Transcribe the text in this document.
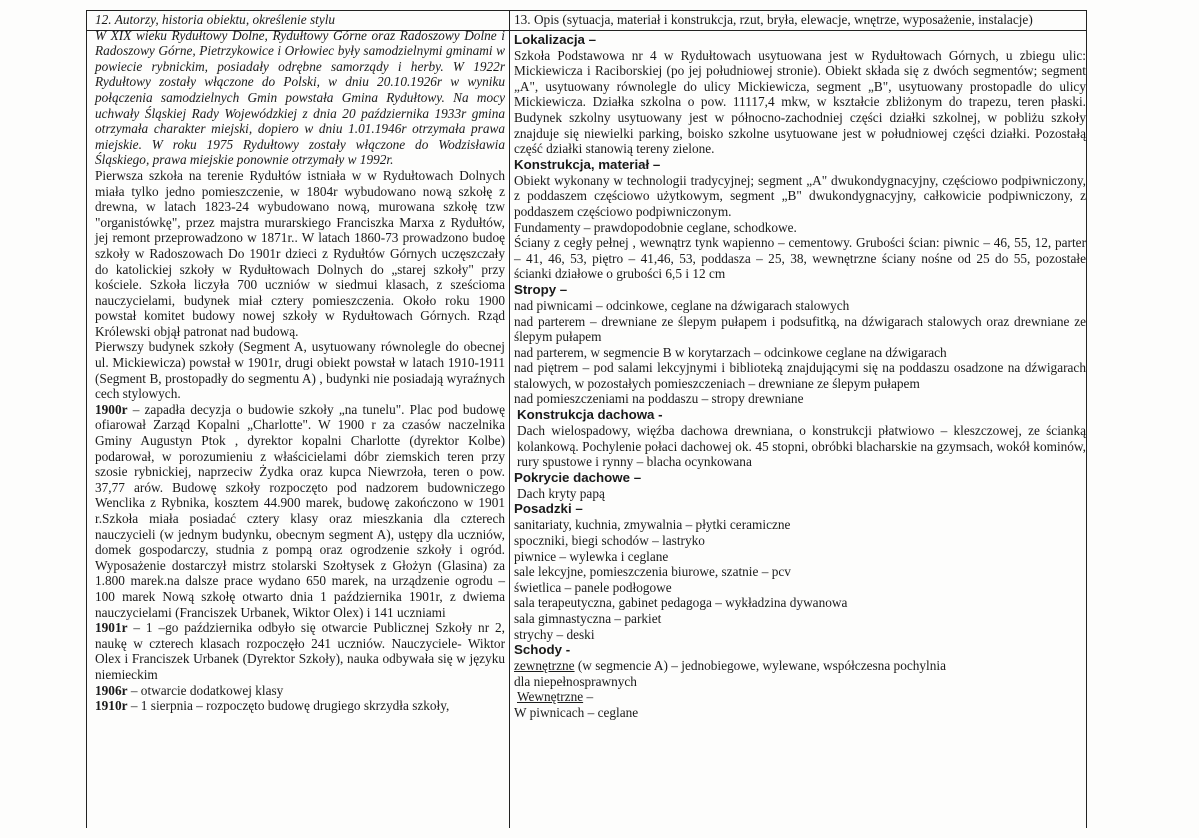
12. Autorzy, historia obiektu, określenie stylu

W XIX wieku Rydułtowy Dolne, Rydułtowy Górne oraz Radoszowy Dolne i Radoszowy Górne, Pietrzykowice i Orłowiec były samodzielnymi gminami w powiecie rybnickim, posiadały odrębne samorządy i herby. W 1922r Rydułtowy zostały włączone do Polski, w dniu 20.10.1926r w wyniku połączenia samodzielnych Gmin powstała Gmina Rydułtowy. Na mocy uchwały Śląskiej Rady Wojewódzkiej z dnia 20 października 1933r gmina otrzymała charakter miejski, dopiero w dniu 1.01.1946r otrzymała prawa miejskie. W roku 1975 Rydułtowy zostały włączone do Wodzisławia Śląskiego, prawa miejskie ponownie otrzymały w 1992r.

Pierwsza szkoła na terenie Rydułtów istniała w w Rydułtowach Dolnych miała tylko jedno pomieszczenie, w 1804r wybudowano nową szkołę z drewna, w latach 1823-24 wybudowano nową, murowana szkołę tzw "organistówkę", przez majstra murarskiego Franciszka Marxa z Rydułtów, jej remont przeprowadzono w 1871r.. W latach 1860-73 prowadzono budoę szkoły w Radoszowach Do 1901r dzieci z Rydułtów Górnych uczęszczały do katolickiej szkoły w Rydułtowach Dolnych do „starej szkoły" przy kościele. Szkoła liczyła 700 uczniów w siedmui klasach, z sześcioma nauczycielami, budynek miał cztery pomieszczenia. Około roku 1900 powstał komitet budowy nowej szkoły w Rydułtowach Górnych. Rząd Królewski objął patronat nad budową.

Pierwszy budynek szkoły (Segment A, usytuowany równolegle do obecnej ul. Mickiewicza) powstał w 1901r, drugi obiekt powstał w latach 1910-1911 (Segment B, prostopadły do segmentu A) , budynki nie posiadają wyraźnych cech stylowych.

1900r – zapadła decyzja o budowie szkoły „na tunelu". Plac pod budowę ofiarował Zarząd Kopalni „Charlotte". W 1900 r za czasów naczelnika Gminy Augustyn Ptok , dyrektor kopalni Charlotte (dyrektor Kolbe) podarował, w porozumieniu z właścicielami dóbr ziemskich teren przy szosie rybnickiej, naprzeciw Żydka oraz kupca Niewrzoła, teren o pow. 37,77 arów. Budowę szkoły rozpoczęto pod nadzorem budowniczego Wenclika z Rybnika, kosztem 44.900 marek, budowę zakończono w 1901 r.Szkoła miała posiadać cztery klasy oraz mieszkania dla czterech nauczycieli (w jednym budynku, obecnym segment A), ustępy dla uczniów, domek gospodarczy, studnia z pompą oraz ogrodzenie szkoły i ogród. Wyposażenie dostarczył mistrz stolarski Szołtysek z Głożyn (Glasina) za 1.800 marek.na dalsze prace wydano 650 marek, na urządzenie ogrodu – 100 marek Nową szkołę otwarto dnia 1 października 1901r, z dwiema nauczycielami (Franciszek Urbanek, Wiktor Olex) i 141 uczniami

1901r – 1 –go października odbyło się otwarcie Publicznej Szkoły nr 2, naukę w czterech klasach rozpoczęło 241 uczniów. Nauczyciele- Wiktor Olex i Franciszek Urbanek (Dyrektor Szkoły), nauka odbywała się w języku niemieckim

1906r – otwarcie dodatkowej klasy

1910r – 1 sierpnia – rozpoczęto budowę drugiego skrzydła szkoły,

13. Opis (sytuacja, materiał i konstrukcja, rzut, bryła, elewacje, wnętrze, wyposażenie, instalacje)
Lokalizacja –

Szkoła Podstawowa nr 4 w Rydułtowach usytuowana jest w Rydułtowach Górnych, u zbiegu ulic: Mickiewicza i Raciborskiej (po jej południowej stronie). Obiekt składa się z dwóch segmentów; segment „A", usytuowany równolegle do ulicy Mickiewicza, segment „B", usytuowany prostopadle do ulicy Mickiewicza. Działka szkolna o pow. 11117,4 mkw, w kształcie zbliżonym do trapezu, teren płaski. Budynek szkolny usytuowany jest w północno-zachodniej części działki szkolnej, w pobliżu szkoły znajduje się niewielki parking, boisko szkolne usytuowane jest w południowej części działki. Pozostałą część działki stanowią tereny zielone.

Konstrukcja, materiał –

Obiekt wykonany w technologii tradycyjnej; segment „A" dwukondygnacyjny, częściowo podpiwniczony, z poddaszem częściowo użytkowym, segment „B" dwukondygnacyjny, całkowicie podpiwniczony, z poddaszem częściowo podpiwniczonym.

Fundamenty – prawdopodobnie ceglane, schodkowe.

Ściany z cegły pełnej , wewnątrz tynk wapienno – cementowy. Grubości ścian: piwnic – 46, 55, 12, parter – 41, 46, 53, piętro – 41,46, 53, poddasza – 25, 38, wewnętrzne ściany nośne od 25 do 55, pozostałe ścianki działowe o grubości 6,5 i 12 cm

Stropy –

nad piwnicami – odcinkowe, ceglane na dźwigarach stalowych

nad parterem – drewniane ze ślepym pułapem i podsufitką, na dźwigarach stalowych oraz drewniane ze ślepym pułapem

nad parterem, w segmencie B w korytarzach – odcinkowe ceglane na dźwigarach

nad piętrem – pod salami lekcyjnymi i biblioteką znajdującymi się na poddaszu osadzone na dźwigarach stalowych, w pozostałych pomieszczeniach – drewniane ze ślepym pułapem

nad pomieszczeniami na poddaszu – stropy drewniane

Konstrukcja dachowa -

Dach wielospadowy, więźba dachowa drewniana, o konstrukcji płatwiowo – kleszczowej, ze ścianką kolankową. Pochylenie połaci dachowej ok. 45 stopni, obróbki blacharskie na gzymsach, wokół kominów, rury spustowe i rynny – blacha ocynkowana

Pokrycie dachowe –

Dach kryty papą

Posadzki –

sanitariaty, kuchnia, zmywalnia – płytki ceramiczne

spoczniki, biegi schodów – lastryko

piwnice – wylewka i ceglane

sale lekcyjne, pomieszczenia biurowe, szatnie – pcv

świetlica – panele podłogowe

sala terapeutyczna, gabinet pedagoga – wykładzina dywanowa

sala gimnastyczna – parkiet

strychy – deski

Schody -

zewnętrzne (w segmencie A) – jednobiegowe, wylewane, współczesna pochylnia

dla niepełnosprawnych

Wewnętrzne –

W piwnicach – ceglane
